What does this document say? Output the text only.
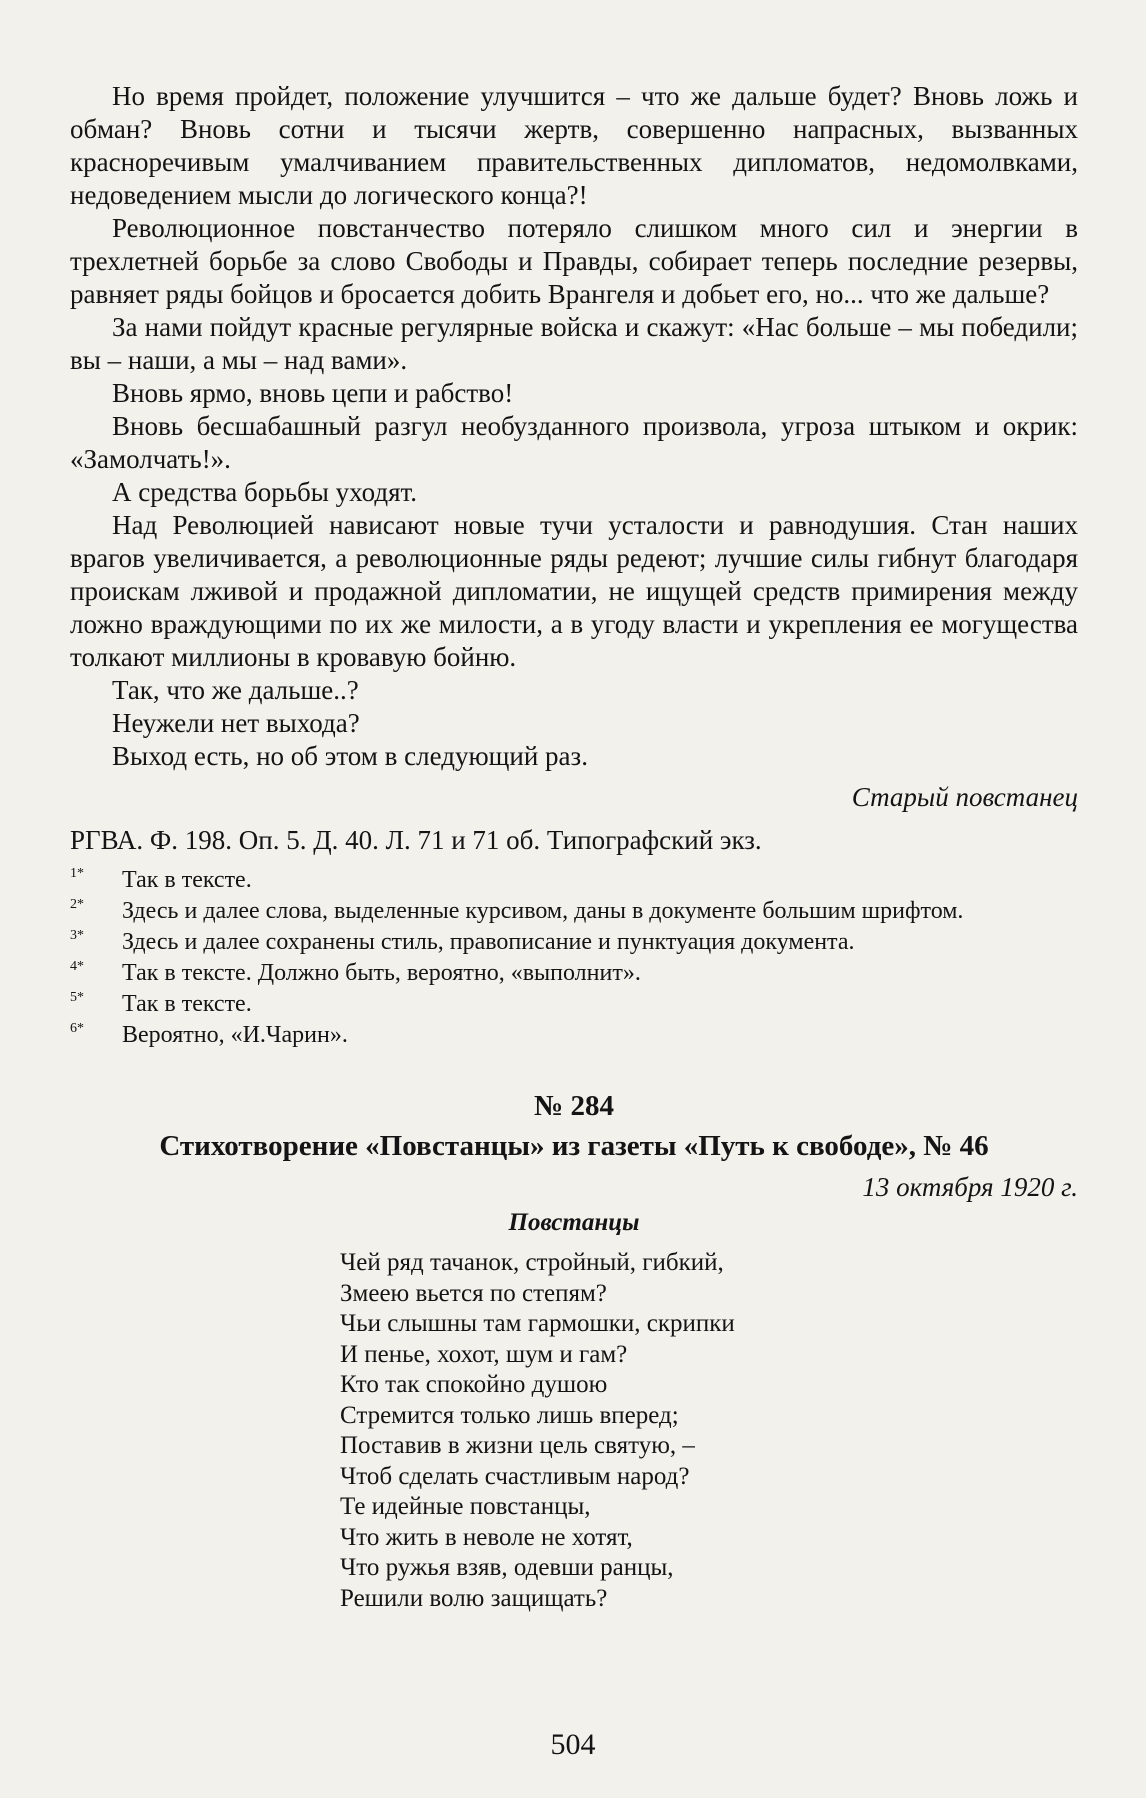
Но время пройдет, положение улучшится – что же дальше будет? Вновь ложь и обман? Вновь сотни и тысячи жертв, совершенно напрасных, вызванных красноречивым умалчиванием правительственных дипломатов, недомолвками, недоведением мысли до логического конца?!

Революционное повстанчество потеряло слишком много сил и энергии в трехлетней борьбе за слово Свободы и Правды, собирает теперь последние резервы, равняет ряды бойцов и бросается добить Врангеля и добьет его, но... что же дальше?

За нами пойдут красные регулярные войска и скажут: «Нас больше – мы победили; вы – наши, а мы – над вами».

Вновь ярмо, вновь цепи и рабство!

Вновь бесшабашный разгул необузданного произвола, угроза штыком и окрик: «Замолчать!».

А средства борьбы уходят.

Над Революцией нависают новые тучи усталости и равнодушия. Стан наших врагов увеличивается, а революционные ряды редеют; лучшие силы гибнут благодаря проискам лживой и продажной дипломатии, не ищущей средств примирения между ложно враждующими по их же милости, а в угоду власти и укрепления ее могущества толкают миллионы в кровавую бойню.

Так, что же дальше..?

Неужели нет выхода?

Выход есть, но об этом в следующий раз.

Старый повстанец
РГВА. Ф. 198. Оп. 5. Д. 40. Л. 71 и 71 об. Типографский экз.
1* Так в тексте.
2* Здесь и далее слова, выделенные курсивом, даны в документе большим шрифтом.
3* Здесь и далее сохранены стиль, правописание и пунктуация документа.
4* Так в тексте. Должно быть, вероятно, «выполнит».
5* Так в тексте.
6* Вероятно, «И.Чарин».
№ 284
Стихотворение «Повстанцы» из газеты «Путь к свободе», № 46
13 октября 1920 г.
Повстанцы
Чей ряд тачанок, стройный, гибкий,
Змеею вьется по степям?
Чьи слышны там гармошки, скрипки
И пенье, хохот, шум и гам?
Кто так спокойно душою
Стремится только лишь вперед;
Поставив в жизни цель святую, –
Чтоб сделать счастливым народ?
Те идейные повстанцы,
Что жить в неволе не хотят,
Что ружья взяв, одевши ранцы,
Решили волю защищать?
504
